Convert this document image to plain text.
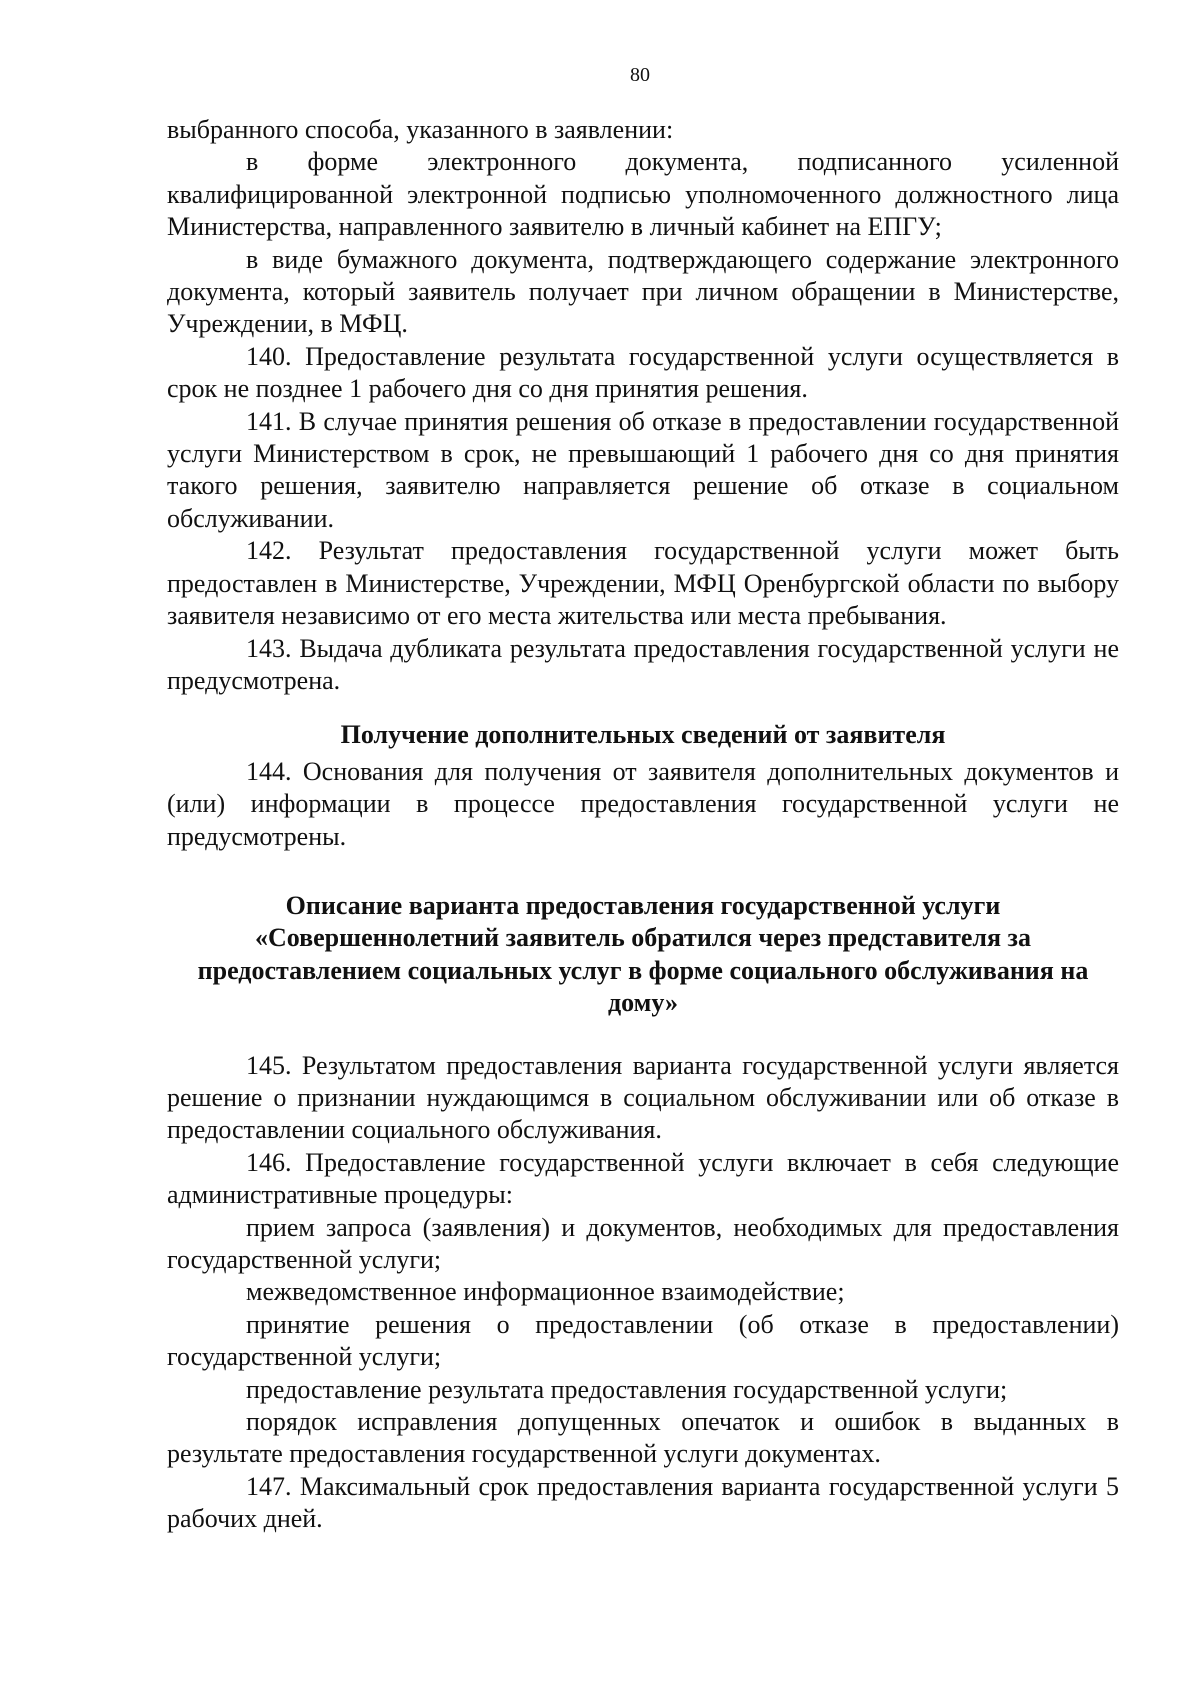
80

выбранного способа, указанного в заявлении:

в форме электронного документа, подписанного усиленной квалифицированной электронной подписью уполномоченного должностного лица Министерства, направленного заявителю в личный кабинет на ЕПГУ;

в виде бумажного документа, подтверждающего содержание электронного документа, который заявитель получает при личном обращении в Министерстве, Учреждении, в МФЦ.

140. Предоставление результата государственной услуги осуществляется в срок не позднее 1 рабочего дня со дня принятия решения.

141. В случае принятия решения об отказе в предоставлении государственной услуги Министерством в срок, не превышающий 1 рабочего дня со дня принятия такого решения, заявителю направляется решение об отказе в социальном обслуживании.

142. Результат предоставления государственной услуги может быть предоставлен в Министерстве, Учреждении, МФЦ Оренбургской области по выбору заявителя независимо от его места жительства или места пребывания.

143. Выдача дубликата результата предоставления государственной услуги не предусмотрена.

Получение дополнительных сведений от заявителя

144. Основания для получения от заявителя дополнительных документов и (или) информации в процессе предоставления государственной услуги не предусмотрены.

Описание варианта предоставления государственной услуги «Совершеннолетний заявитель обратился через представителя за предоставлением социальных услуг в форме социального обслуживания на дому»

145. Результатом предоставления варианта государственной услуги является решение о признании нуждающимся в социальном обслуживании или об отказе в предоставлении социального обслуживания.

146. Предоставление государственной услуги включает в себя следующие административные процедуры:

прием запроса (заявления) и документов, необходимых для предоставления государственной услуги;

межведомственное информационное взаимодействие;

принятие решения о предоставлении (об отказе в предоставлении) государственной услуги;

предоставление результата предоставления государственной услуги;

порядок исправления допущенных опечаток и ошибок в выданных в результате предоставления государственной услуги документах.

147. Максимальный срок предоставления варианта государственной услуги 5 рабочих дней.
